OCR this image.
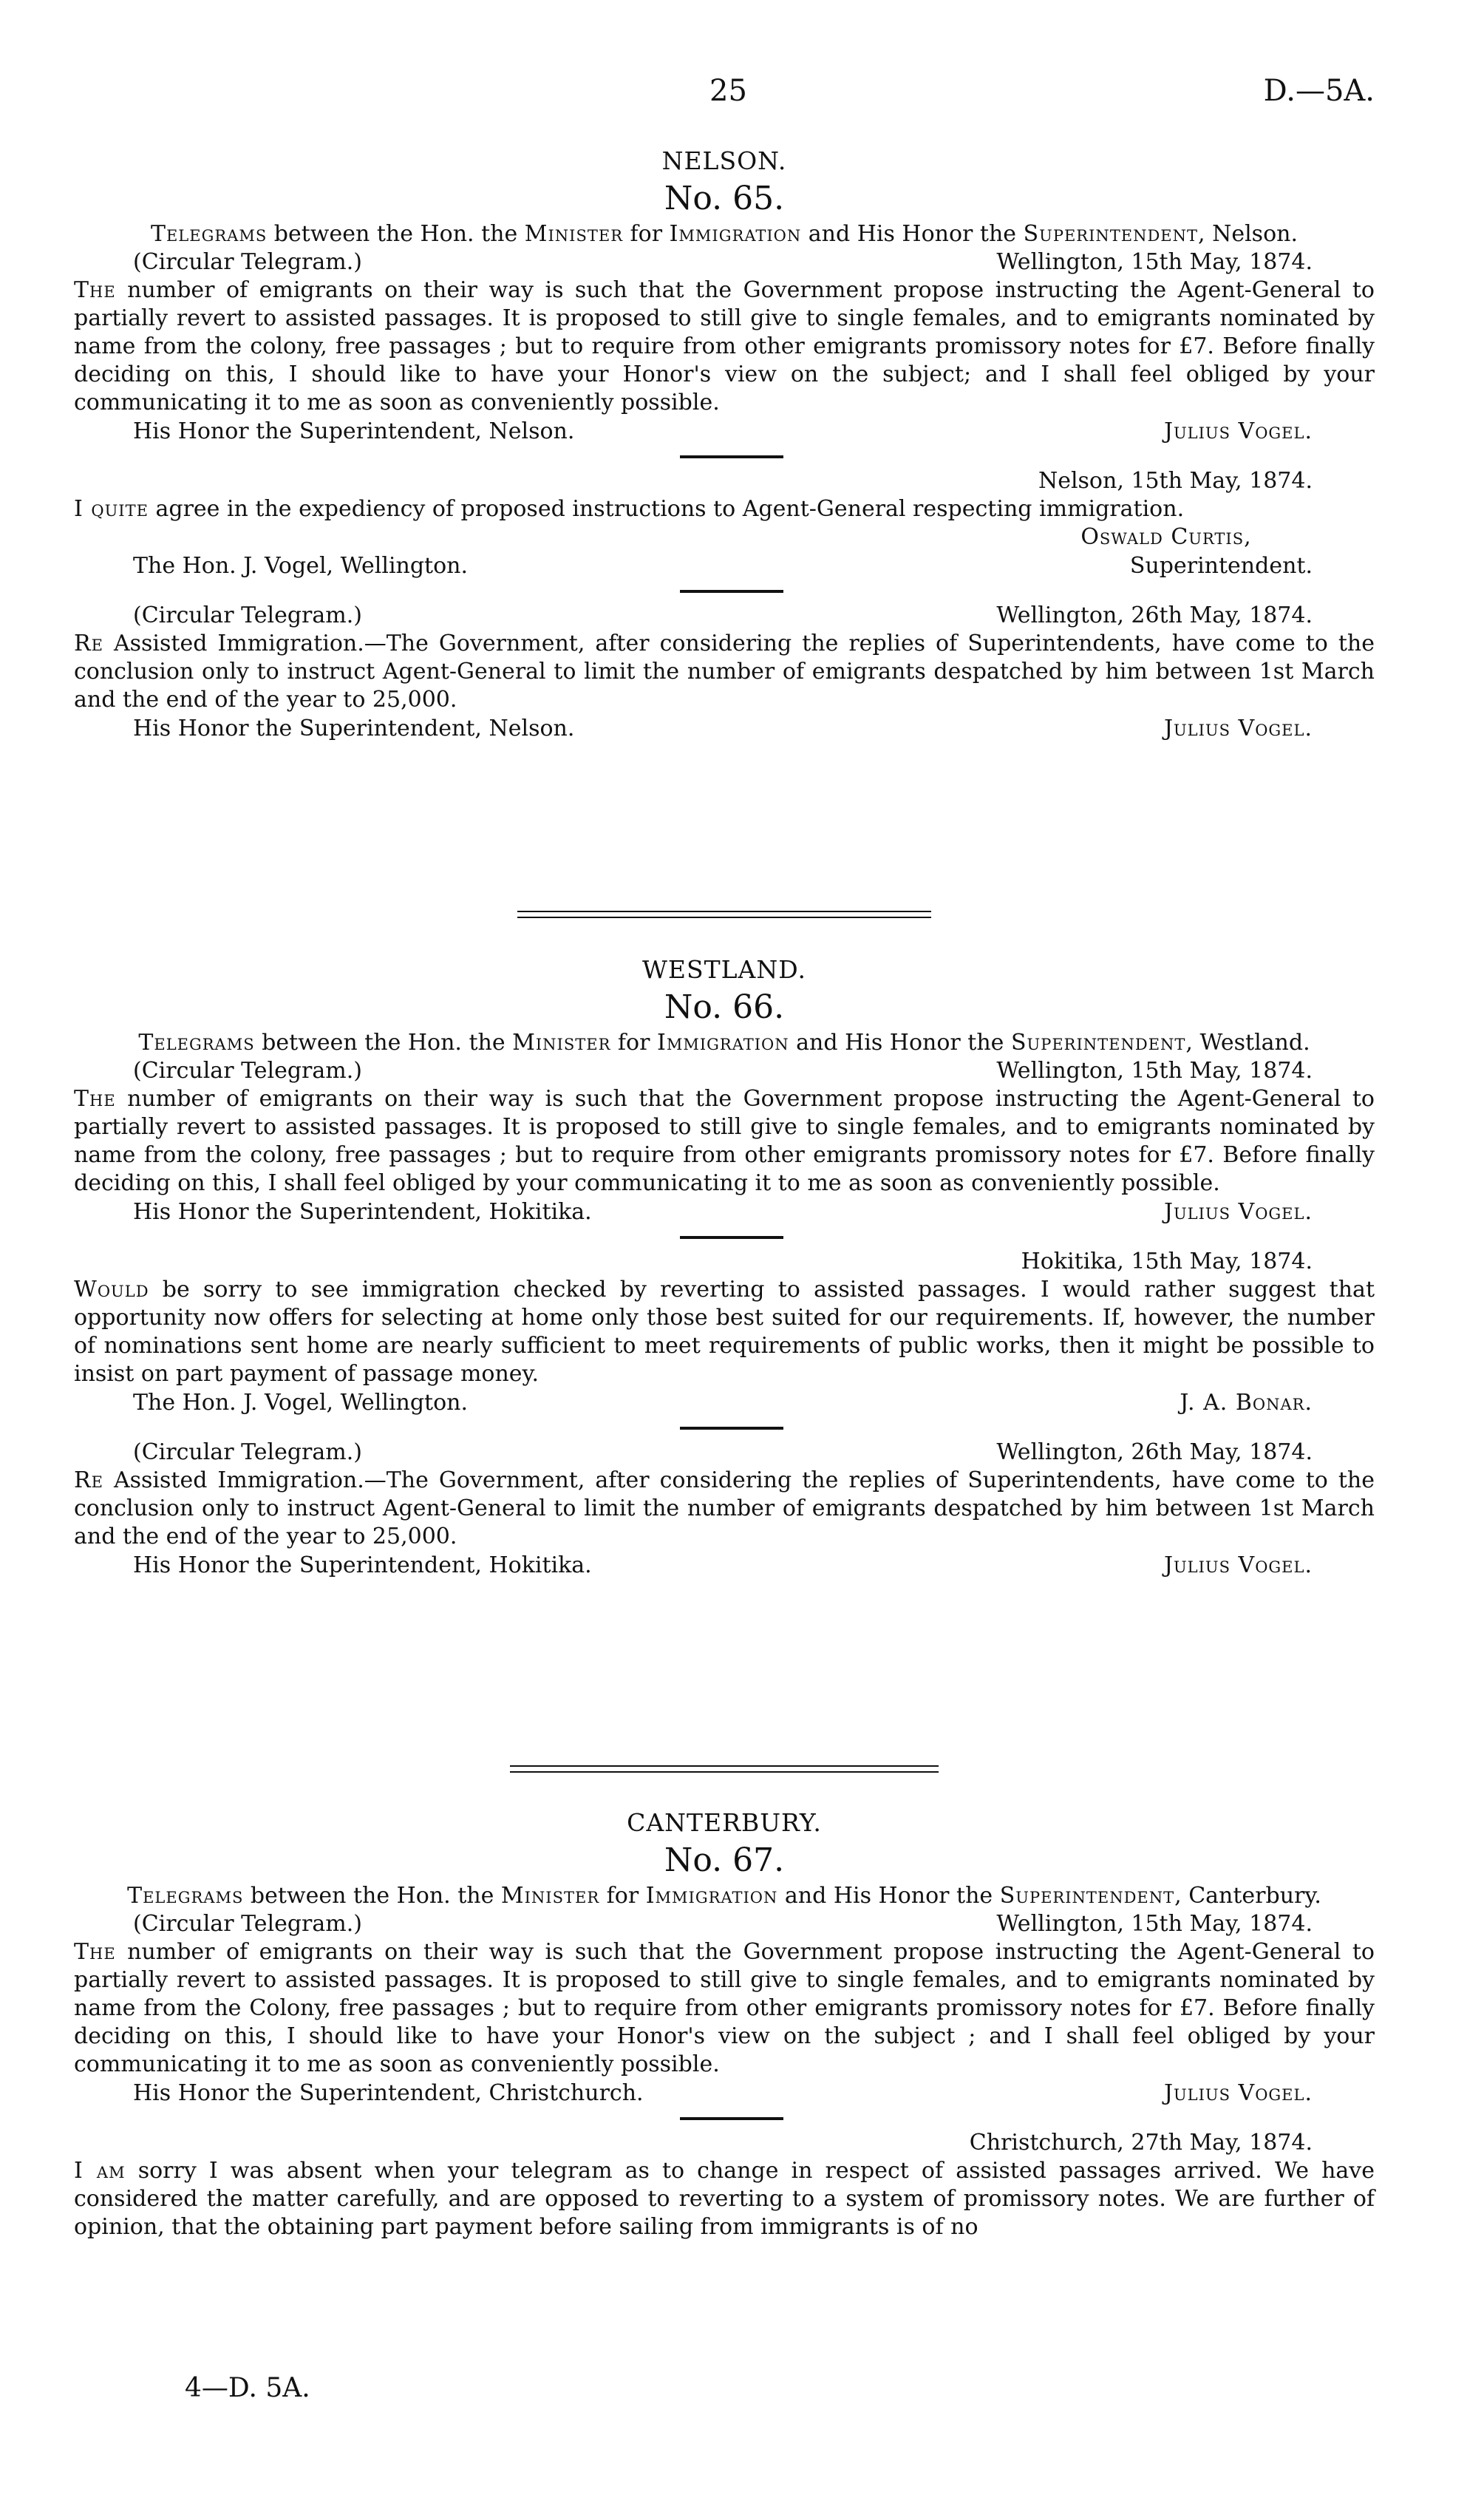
25	D.—5A.
NELSON.
No. 65.
Telegrams between the Hon. the Minister for Immigration and His Honor the Superintendent, Nelson.
(Circular Telegram.)	Wellington, 15th May, 1874.
The number of emigrants on their way is such that the Government propose instructing the Agent-General to partially revert to assisted passages. It is proposed to still give to single females, and to emigrants nominated by name from the colony, free passages ; but to require from other emigrants promissory notes for £7. Before finally deciding on this, I should like to have your Honor's view on the subject; and I shall feel obliged by your communicating it to me as soon as conveniently possible.
His Honor the Superintendent, Nelson.	Julius Vogel.
Nelson, 15th May, 1874.
I quite agree in the expediency of proposed instructions to Agent-General respecting immigration.
Oswald Curtis,
The Hon. J. Vogel, Wellington.	Superintendent.
(Circular Telegram.)	Wellington, 26th May, 1874.
Re Assisted Immigration.—The Government, after considering the replies of Superintendents, have come to the conclusion only to instruct Agent-General to limit the number of emigrants despatched by him between 1st March and the end of the year to 25,000.
His Honor the Superintendent, Nelson.	Julius Vogel.
WESTLAND.
No. 66.
Telegrams between the Hon. the Minister for Immigration and His Honor the Superintendent, Westland.
(Circular Telegram.)	Wellington, 15th May, 1874.
The number of emigrants on their way is such that the Government propose instructing the Agent-General to partially revert to assisted passages. It is proposed to still give to single females, and to emigrants nominated by name from the colony, free passages ; but to require from other emigrants promissory notes for £7. Before finally deciding on this, I shall feel obliged by your communicating it to me as soon as conveniently possible.
His Honor the Superintendent, Hokitika.	Julius Vogel.
Hokitika, 15th May, 1874.
Would be sorry to see immigration checked by reverting to assisted passages. I would rather suggest that opportunity now offers for selecting at home only those best suited for our requirements. If, however, the number of nominations sent home are nearly sufficient to meet requirements of public works, then it might be possible to insist on part payment of passage money.
The Hon. J. Vogel, Wellington.	J. A. Bonar.
(Circular Telegram.)	Wellington, 26th May, 1874.
Re Assisted Immigration.—The Government, after considering the replies of Superintendents, have come to the conclusion only to instruct Agent-General to limit the number of emigrants despatched by him between 1st March and the end of the year to 25,000.
His Honor the Superintendent, Hokitika.	Julius Vogel.
CANTERBURY.
No. 67.
Telegrams between the Hon. the Minister for Immigration and His Honor the Superintendent, Canterbury.
(Circular Telegram.)	Wellington, 15th May, 1874.
The number of emigrants on their way is such that the Government propose instructing the Agent-General to partially revert to assisted passages. It is proposed to still give to single females, and to emigrants nominated by name from the Colony, free passages ; but to require from other emigrants promissory notes for £7. Before finally deciding on this, I should like to have your Honor's view on the subject ; and I shall feel obliged by your communicating it to me as soon as conveniently possible.
His Honor the Superintendent, Christchurch.	Julius Vogel.
Christchurch, 27th May, 1874.
I am sorry I was absent when your telegram as to change in respect of assisted passages arrived. We have considered the matter carefully, and are opposed to reverting to a system of promissory notes. We are further of opinion, that the obtaining part payment before sailing from immigrants is of no
4—D. 5A.
